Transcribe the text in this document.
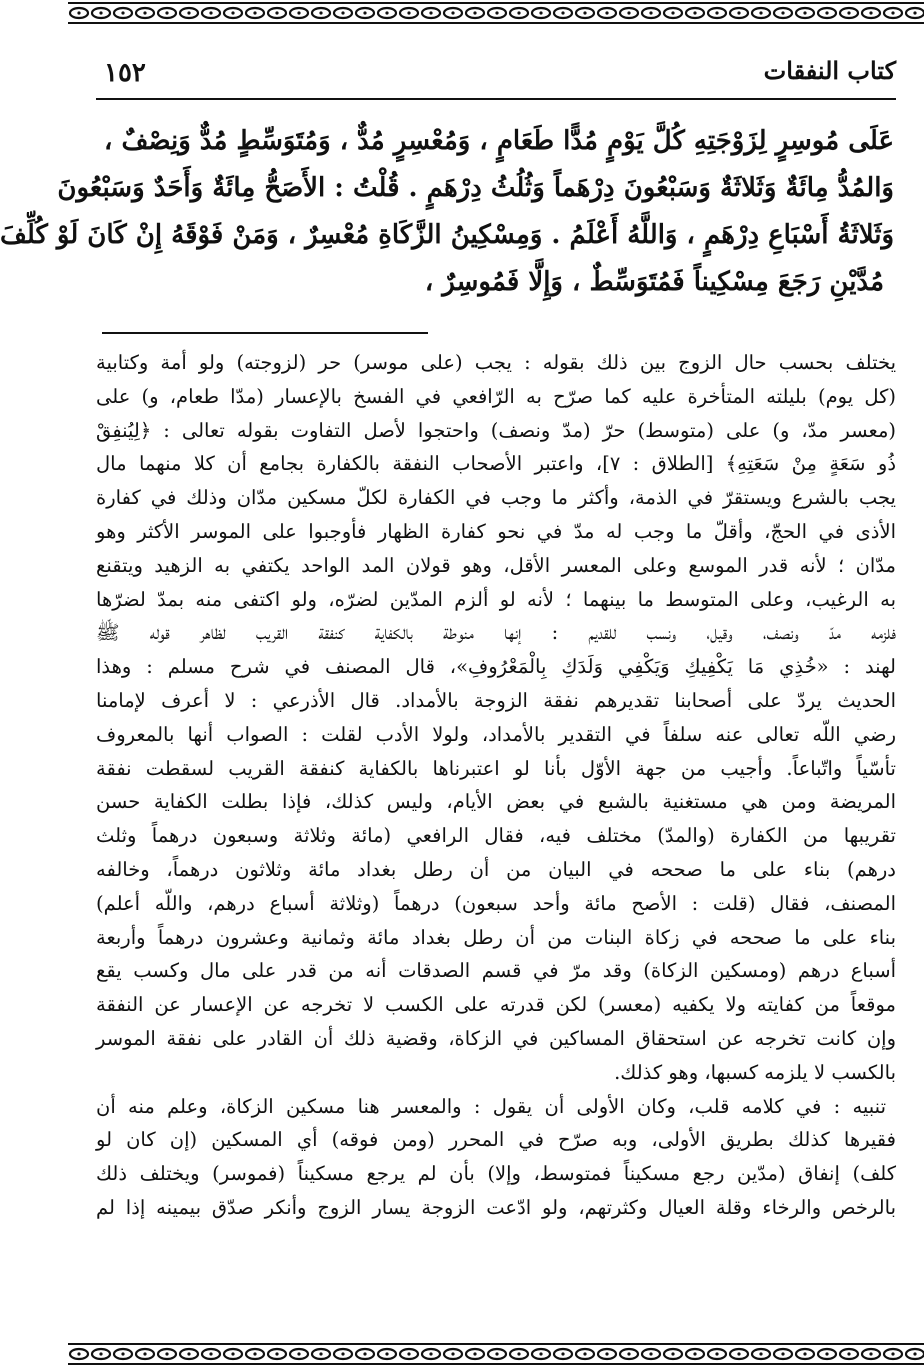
كتاب النفقات
١٥٢
عَلَى مُوسِرٍ لِزَوْجَتِهِ كُلَّ يَوْمٍ مُدًّا طَعَامٍ ، وَمُعْسِرٍ مُدٌّ ، وَمُتَوَسِّطٍ مُدٌّ وَنِصْفٌ ،
وَالمُدُّ مِائَةٌ وَثَلاثَةٌ وَسَبْعُونَ دِرْهَماً وَثُلُثُ دِرْهَمٍ . قُلْتُ : الأَصَحُّ مِائَةٌ وَأَحَدٌ وَسَبْعُونَ
وَثَلاثَةُ أَسْبَاعِ دِرْهَمٍ ، وَاللَّهُ أَعْلَمُ . وَمِسْكِينُ الزَّكَاةِ مُعْسِرٌ ، وَمَنْ فَوْقَهُ إِنْ كَانَ لَوْ كُلِّفَ
مُدَّيْنِ رَجَعَ مِسْكِيناً فَمُتَوَسِّطٌ ، وَإِلَّا فَمُوسِرٌ ،
يختلف بحسب حال الزوج بين ذلك بقوله : يجب (على موسر) حر (لزوجته) ولو أمة وكتابية
(كل يوم) بليلته المتأخرة عليه كما صرّح به الرّافعي في الفسخ بالإعسار (مدّا طعام، و) على
(معسر مدّ، و) على (متوسط) حرّ (مدّ ونصف) واحتجوا لأصل التفاوت بقوله تعالى : ﴿لِيُنفِقْ
ذُو سَعَةٍ مِنْ سَعَتِهِ﴾ [الطلاق : ٧]، واعتبر الأصحاب النفقة بالكفارة بجامع أن كلا منهما مال
يجب بالشرع ويستقرّ في الذمة، وأكثر ما وجب في الكفارة لكلّ مسكين مدّان وذلك في كفارة
الأذى في الحجّ، وأقلّ ما وجب له مدّ في نحو كفارة الظهار فأوجبوا على الموسر الأكثر وهو
مدّان ؛ لأنه قدر الموسع وعلى المعسر الأقل، وهو قولان المد الواحد يكتفي به الزهيد ويتقنع
به الرغيب، وعلى المتوسط ما بينهما ؛ لأنه لو ألزم المدّين لضرّه، ولو اكتفى منه بمدّ لضرّها
فلزمه مدّ ونصف، وقيل، ونسب للقديم : إنها منوطة بالكفاية كنفقة القريب لظاهر قوله ﷺ
لهند : «خُذِي مَا يَكْفِيكِ وَيَكْفِي وَلَدَكِ بِالْمَعْرُوفِ»، قال المصنف في شرح مسلم : وهذا
الحديث يردّ على أصحابنا تقديرهم نفقة الزوجة بالأمداد. قال الأذرعي : لا أعرف لإمامنا
رضي اللّه تعالى عنه سلفاً في التقدير بالأمداد، ولولا الأدب لقلت : الصواب أنها بالمعروف
تأسّياً واتّباعاً. وأجيب من جهة الأوّل بأنا لو اعتبرناها بالكفاية كنفقة القريب لسقطت نفقة
المريضة ومن هي مستغنية بالشبع في بعض الأيام، وليس كذلك، فإذا بطلت الكفاية حسن
تقريبها من الكفارة (والمدّ) مختلف فيه، فقال الرافعي (مائة وثلاثة وسبعون درهماً وثلث
درهم) بناء على ما صححه في البيان من أن رطل بغداد مائة وثلاثون درهماً، وخالفه
المصنف، فقال (قلت : الأصح مائة وأحد سبعون) درهماً (وثلاثة أسباع درهم، واللّه أعلم)
بناء على ما صححه في زكاة البنات من أن رطل بغداد مائة وثمانية وعشرون درهماً وأربعة
أسباع درهم (ومسكين الزكاة) وقد مرّ في قسم الصدقات أنه من قدر على مال وكسب يقع
موقعاً من كفايته ولا يكفيه (معسر) لكن قدرته على الكسب لا تخرجه عن الإعسار عن النفقة
وإن كانت تخرجه عن استحقاق المساكين في الزكاة، وقضية ذلك أن القادر على نفقة الموسر
بالكسب لا يلزمه كسبها، وهو كذلك.
تنبيه : في كلامه قلب، وكان الأولى أن يقول : والمعسر هنا مسكين الزكاة، وعلم منه أن
فقيرها كذلك بطريق الأولى، وبه صرّح في المحرر (ومن فوقه) أي المسكين (إن كان لو
كلف) إنفاق (مدّين رجع مسكيناً فمتوسط، وإلا) بأن لم يرجع مسكيناً (فموسر) ويختلف ذلك
بالرخص والرخاء وقلة العيال وكثرتهم، ولو ادّعت الزوجة يسار الزوج وأنكر صدّق بيمينه إذا لم
